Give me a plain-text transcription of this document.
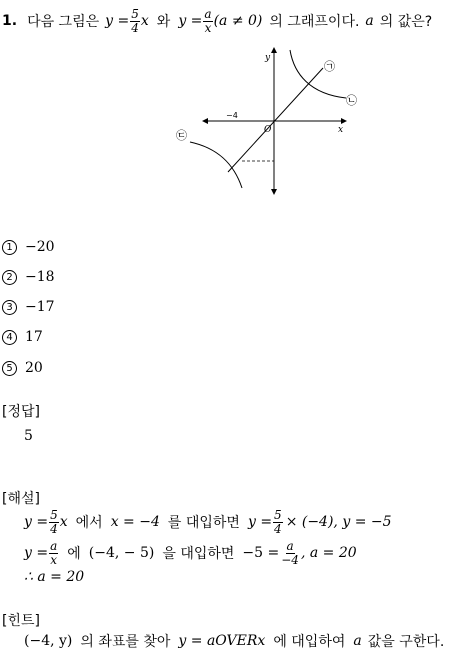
1. 다음 그림은 $y = \frac{5}{4}$ x 와 $y = \frac{a}{x} (a \ne 0)$ 의 그래프이다. a 의 값은?
y
x
O
−4
㉠
㉡
㉢
1 −20
2 −18
3 −17
4 17
5 20
[정답]
5
[해설]
$y = \frac{5}{4}$ x 에서 x = −4 를 대입하면 $y = \frac{5}{4} \times (-4)$, y = −5
$y = \frac{a}{x}$ 에 (−4, − 5) 을 대입하면 $-5 = \frac{a}{-4}$ , a = 20
∴ a = 20
[힌트]
(−4, y) 의 좌표를 찾아 y = aOVERx 에 대입하여 a 값을 구한다.
